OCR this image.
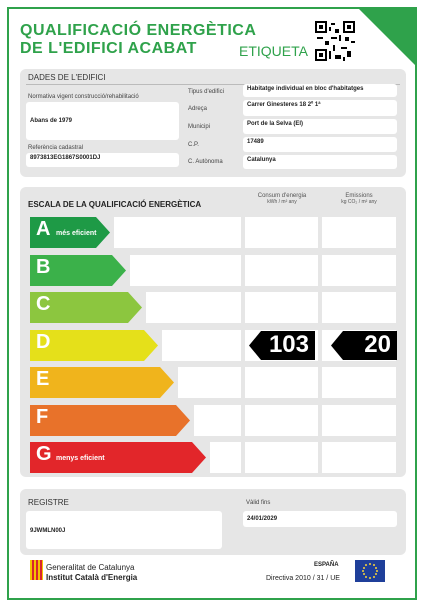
QUALIFICACIÓ ENERGÈTICA
DE L'EDIFICI ACABAT	ETIQUETA
DADES DE L'EDIFICI
Normativa vigent construcció/rehabilitació
Abans de 1979
Referència cadastral
8973813EG1867S0001DJ
Tipus d'edifici	Habitatge individual en bloc d'habitatges
Adreça
Carrer Ginesteres 18 2º 1ª
Municipi	Port de la Selva (El)
C.P.	17489
C. Autònoma	Catalunya
ESCALA DE LA QUALIFICACIÓ ENERGÈTICA
Consum d'energia
kWh / m² any
Emissions
kg CO₂ / m² any
A més eficient
B
C
D	103 20
E
F
G menys eficient
REGISTRE
9JWMLN00J
Vàlid fins
24/01/2029
Generalitat de Catalunya
Institut Català d'Energia
ESPAÑA
Directiva 2010 / 31 / UE
